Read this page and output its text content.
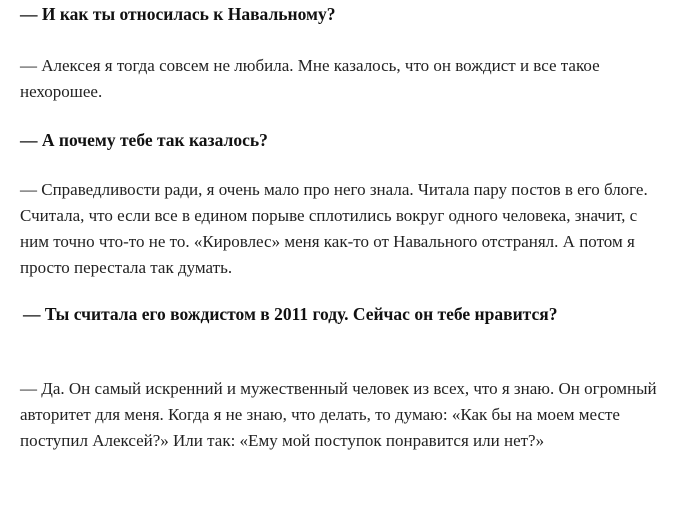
— И как ты относилась к Навальному?

— Алексея я тогда совсем не любила. Мне казалось, что он вождист и все такое нехорошее.

— А почему тебе так казалось?

— Справедливости ради, я очень мало про него знала. Читала пару постов в его блоге. Считала, что если все в едином порыве сплотились вокруг одного человека, значит, с ним точно что-то не то. «Кировлес» меня как-то от Навального отстранял. А потом я просто перестала так думать.

— Ты считала его вождистом в 2011 году. Сейчас он тебе нравится?

— Да. Он самый искренний и мужественный человек из всех, что я знаю. Он огромный авторитет для меня. Когда я не знаю, что делать, то думаю: «Как бы на моем месте поступил Алексей?» Или так: «Ему мой поступок понравится или нет?»
